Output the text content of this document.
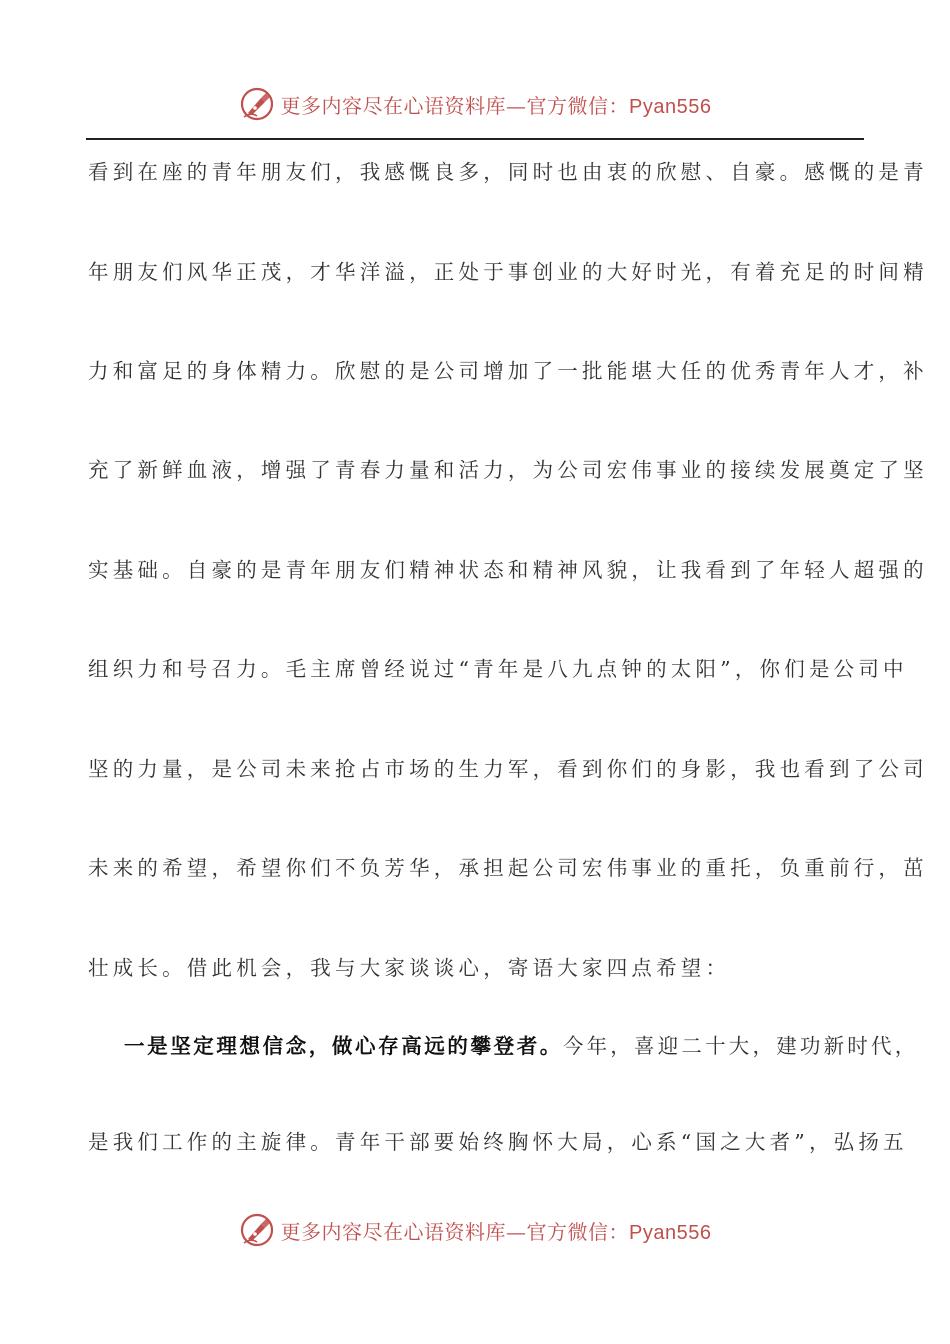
更多内容尽在心语资料库—官方微信：Pyan556
看到在座的青年朋友们，我感慨良多，同时也由衷的欣慰、自豪。感慨的是青
年朋友们风华正茂，才华洋溢，正处于事创业的大好时光，有着充足的时间精
力和富足的身体精力。欣慰的是公司增加了一批能堪大任的优秀青年人才，补
充了新鲜血液，增强了青春力量和活力，为公司宏伟事业的接续发展奠定了坚
实基础。自豪的是青年朋友们精神状态和精神风貌，让我看到了年轻人超强的
组织力和号召力。毛主席曾经说过“青年是八九点钟的太阳”，你们是公司中
坚的力量，是公司未来抢占市场的生力军，看到你们的身影，我也看到了公司
未来的希望，希望你们不负芳华，承担起公司宏伟事业的重托，负重前行，茁
壮成长。借此机会，我与大家谈谈心，寄语大家四点希望：
一是坚定理想信念，做心存高远的攀登者。今年，喜迎二十大，建功新时代，
是我们工作的主旋律。青年干部要始终胸怀大局，心系“国之大者”，弘扬五
更多内容尽在心语资料库—官方微信：Pyan556
